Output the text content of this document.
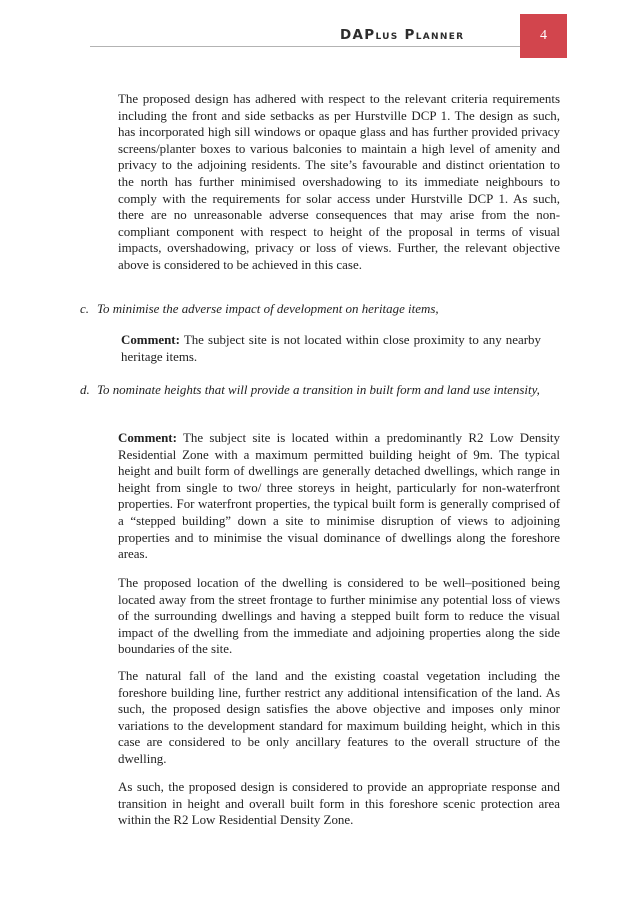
DAPlus Planner	4

The proposed design has adhered with respect to the relevant criteria requirements including the front and side setbacks as per Hurstville DCP 1. The design as such, has incorporated high sill windows or opaque glass and has further provided privacy screens/planter boxes to various balconies to maintain a high level of amenity and privacy to the adjoining residents. The site’s favourable and distinct orientation to the north has further minimised overshadowing to its immediate neighbours to comply with the requirements for solar access under Hurstville DCP 1. As such, there are no unreasonable adverse consequences that may arise from the non-compliant component with respect to height of the proposal in terms of visual impacts, overshadowing, privacy or loss of views. Further, the relevant objective above is considered to be achieved in this case.

c. To minimise the adverse impact of development on heritage items,

Comment: The subject site is not located within close proximity to any nearby heritage items.

d. To nominate heights that will provide a transition in built form and land use intensity,

Comment: The subject site is located within a predominantly R2 Low Density Residential Zone with a maximum permitted building height of 9m. The typical height and built form of dwellings are generally detached dwellings, which range in height from single to two/ three storeys in height, particularly for non-waterfront properties. For waterfront properties, the typical built form is generally comprised of a “stepped building” down a site to minimise disruption of views to adjoining properties and to minimise the visual dominance of dwellings along the foreshore areas.

The proposed location of the dwelling is considered to be well–positioned being located away from the street frontage to further minimise any potential loss of views of the surrounding dwellings and having a stepped built form to reduce the visual impact of the dwelling from the immediate and adjoining properties along the side boundaries of the site.

The natural fall of the land and the existing coastal vegetation including the foreshore building line, further restrict any additional intensification of the land. As such, the proposed design satisfies the above objective and imposes only minor variations to the development standard for maximum building height, which in this case are considered to be only ancillary features to the overall structure of the dwelling.

As such, the proposed design is considered to provide an appropriate response and transition in height and overall built form in this foreshore scenic protection area within the R2 Low Residential Density Zone.
